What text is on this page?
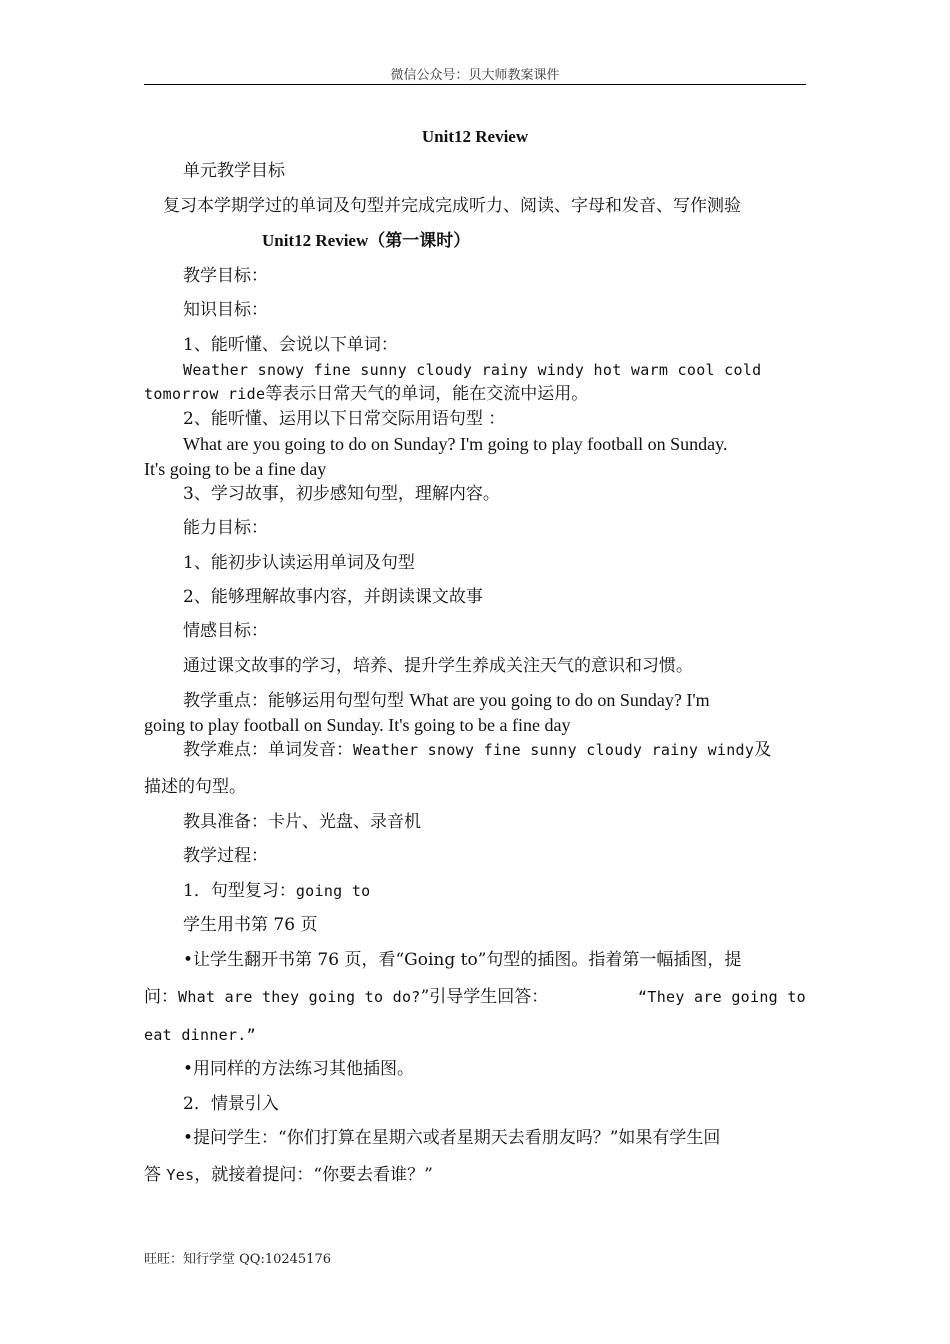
微信公众号：贝大师教案课件
Unit12 Review
单元教学目标
复习本学期学过的单词及句型并完成完成听力、阅读、字母和发音、写作测验
Unit12 Review（第一课时）
教学目标：
知识目标：
1、能听懂、会说以下单词：
Weather snowy fine sunny cloudy rainy windy hot warm cool cold
tomorrow ride等表示日常天气的单词，能在交流中运用。
2、能听懂、运用以下日常交际用语句型 ：
What are you going to do on Sunday? I'm going to play football on Sunday.
It's going to be a fine day
3、学习故事，初步感知句型，理解内容。
能力目标：
1、能初步认读运用单词及句型
2、能够理解故事内容，并朗读课文故事
情感目标：
通过课文故事的学习，培养、提升学生养成关注天气的意识和习惯。
教学重点：能够运用句型句型 What are you going to do on Sunday? I'm
going to play football on Sunday. It's going to be a fine day
教学难点：单词发音：Weather snowy fine sunny cloudy rainy windy及
描述的句型。
教具准备：卡片、光盘、录音机
教学过程：
1．句型复习：going to
学生用书第 76 页
•让学生翻开书第 76 页，看“Going to”句型的插图。指着第一幅插图，提
问：What are they going to do?”引导学生回答：	“They are going to
eat dinner.”
•用同样的方法练习其他插图。
2．情景引入
•提问学生：“你们打算在星期六或者星期天去看朋友吗？”如果有学生回
答 Yes，就接着提问：“你要去看谁？”
旺旺：知行学堂 QQ:10245176
